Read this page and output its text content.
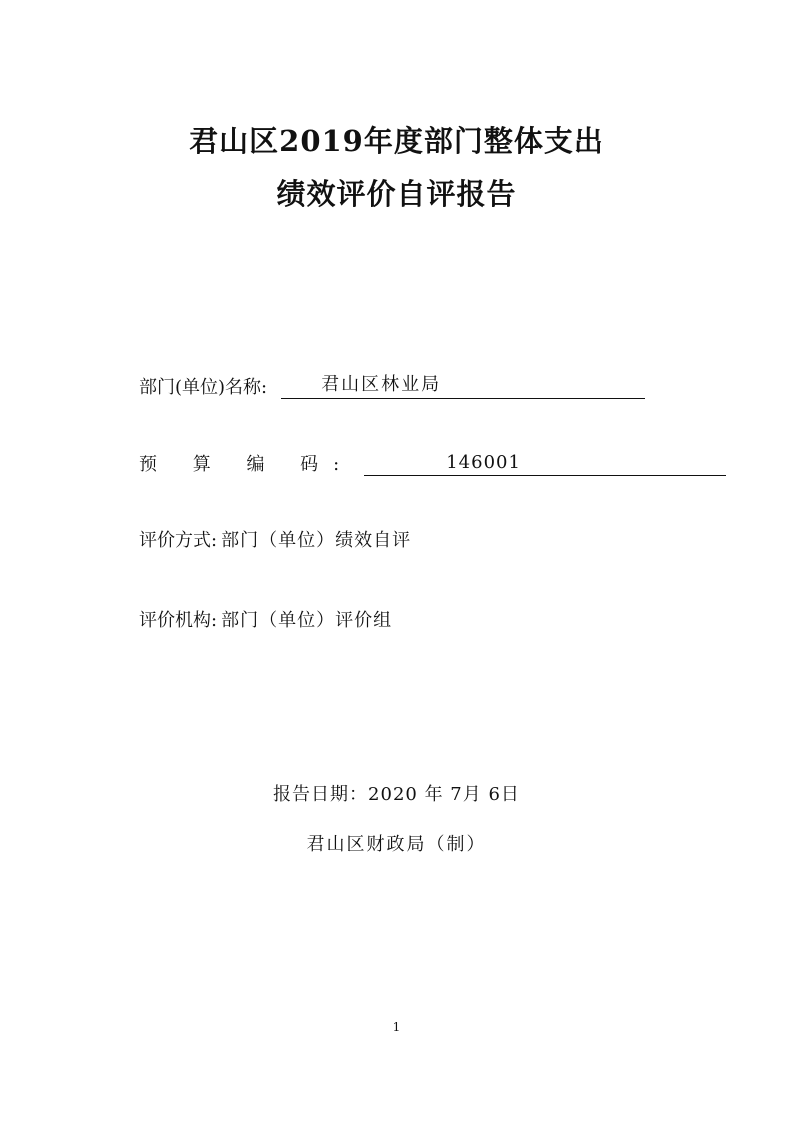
君山区2019年度部门整体支出
绩效评价自评报告
部门(单位)名称:	君山区林业局
预 算 编 码:	146001
评价方式: 部门（单位）绩效自评
评价机构: 部门（单位）评价组
报告日期：2020 年 7月 6日
君山区财政局（制）
1
